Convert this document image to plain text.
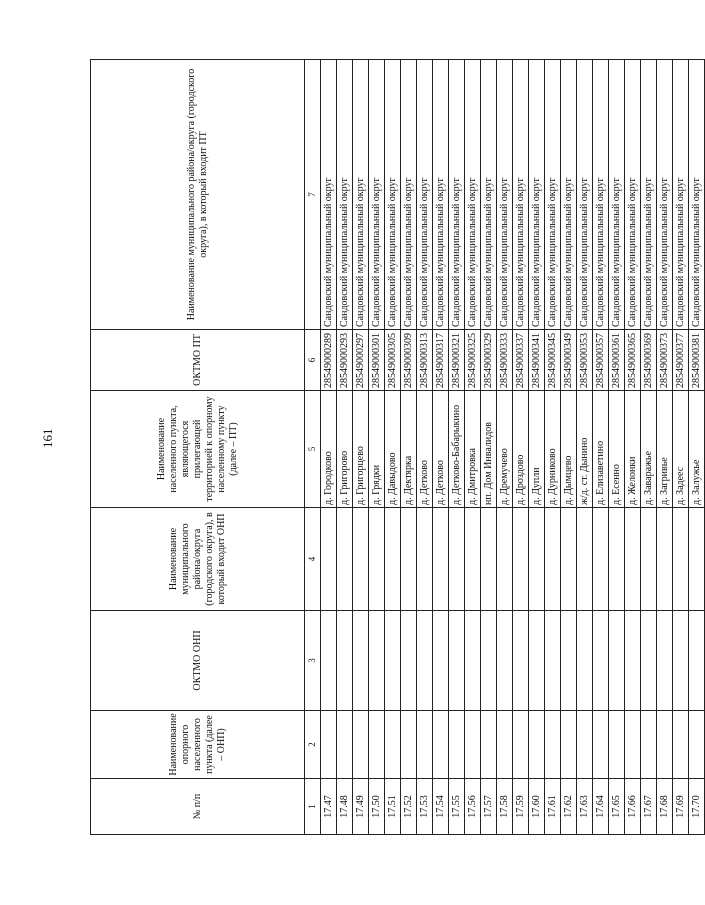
161
№ п/п	Наименование опорного населенного пункта (далее – ОНП)	ОКТМО ОНП	Наименование муниципального района/округа (городского округа), в который входит ОНП	Наименование населенного пункта, являющегося прилегающей территорией к опорному населенному пункту (далее – ПТ)	ОКТМО ПТ	Наименование муниципального района/округа (городского округа), в который входит ПТ
1	2	3	4	5	6	7
17.47				д. Городково	28549000289	Сандовский муниципальный округ
17.48				д. Григорово	28549000293	Сандовский муниципальный округ
17.49				д. Григорцево	28549000297	Сандовский муниципальный округ
17.50				д. Грядки	28549000301	Сандовский муниципальный округ
17.51				д. Давыдово	28549000305	Сандовский муниципальный округ
17.52				д. Дектярка	28549000309	Сандовский муниципальный округ
17.53				д. Детково	28549000313	Сандовский муниципальный округ
17.54				д. Детково	28549000317	Сандовский муниципальный округ
17.55				д. Детково-Бабарыкино	28549000321	Сандовский муниципальный округ
17.56				д. Дмитровка	28549000325	Сандовский муниципальный округ
17.57				нп. Дом Инвалидов	28549000329	Сандовский муниципальный округ
17.58				д. Дремучево	28549000333	Сандовский муниципальный округ
17.59				д. Дроздово	28549000337	Сандовский муниципальный округ
17.60				д. Дупли	28549000341	Сандовский муниципальный округ
17.61				д. Дурниково	28549000345	Сандовский муниципальный округ
17.62				д. Дымцево	28549000349	Сандовский муниципальный округ
17.63				ж/д. ст. Дынино	28549000353	Сандовский муниципальный округ
17.64				д. Елизаветино	28549000357	Сандовский муниципальный округ
17.65				д. Есенно	28549000361	Сандовский муниципальный округ
17.66				д. Желонки	28549000365	Сандовский муниципальный округ
17.67				д. Заваражье	28549000369	Сандовский муниципальный округ
17.68				д. Загривье	28549000373	Сандовский муниципальный округ
17.69				д. Задеес	28549000377	Сандовский муниципальный округ
17.70				д. Залужье	28549000381	Сандовский муниципальный округ
